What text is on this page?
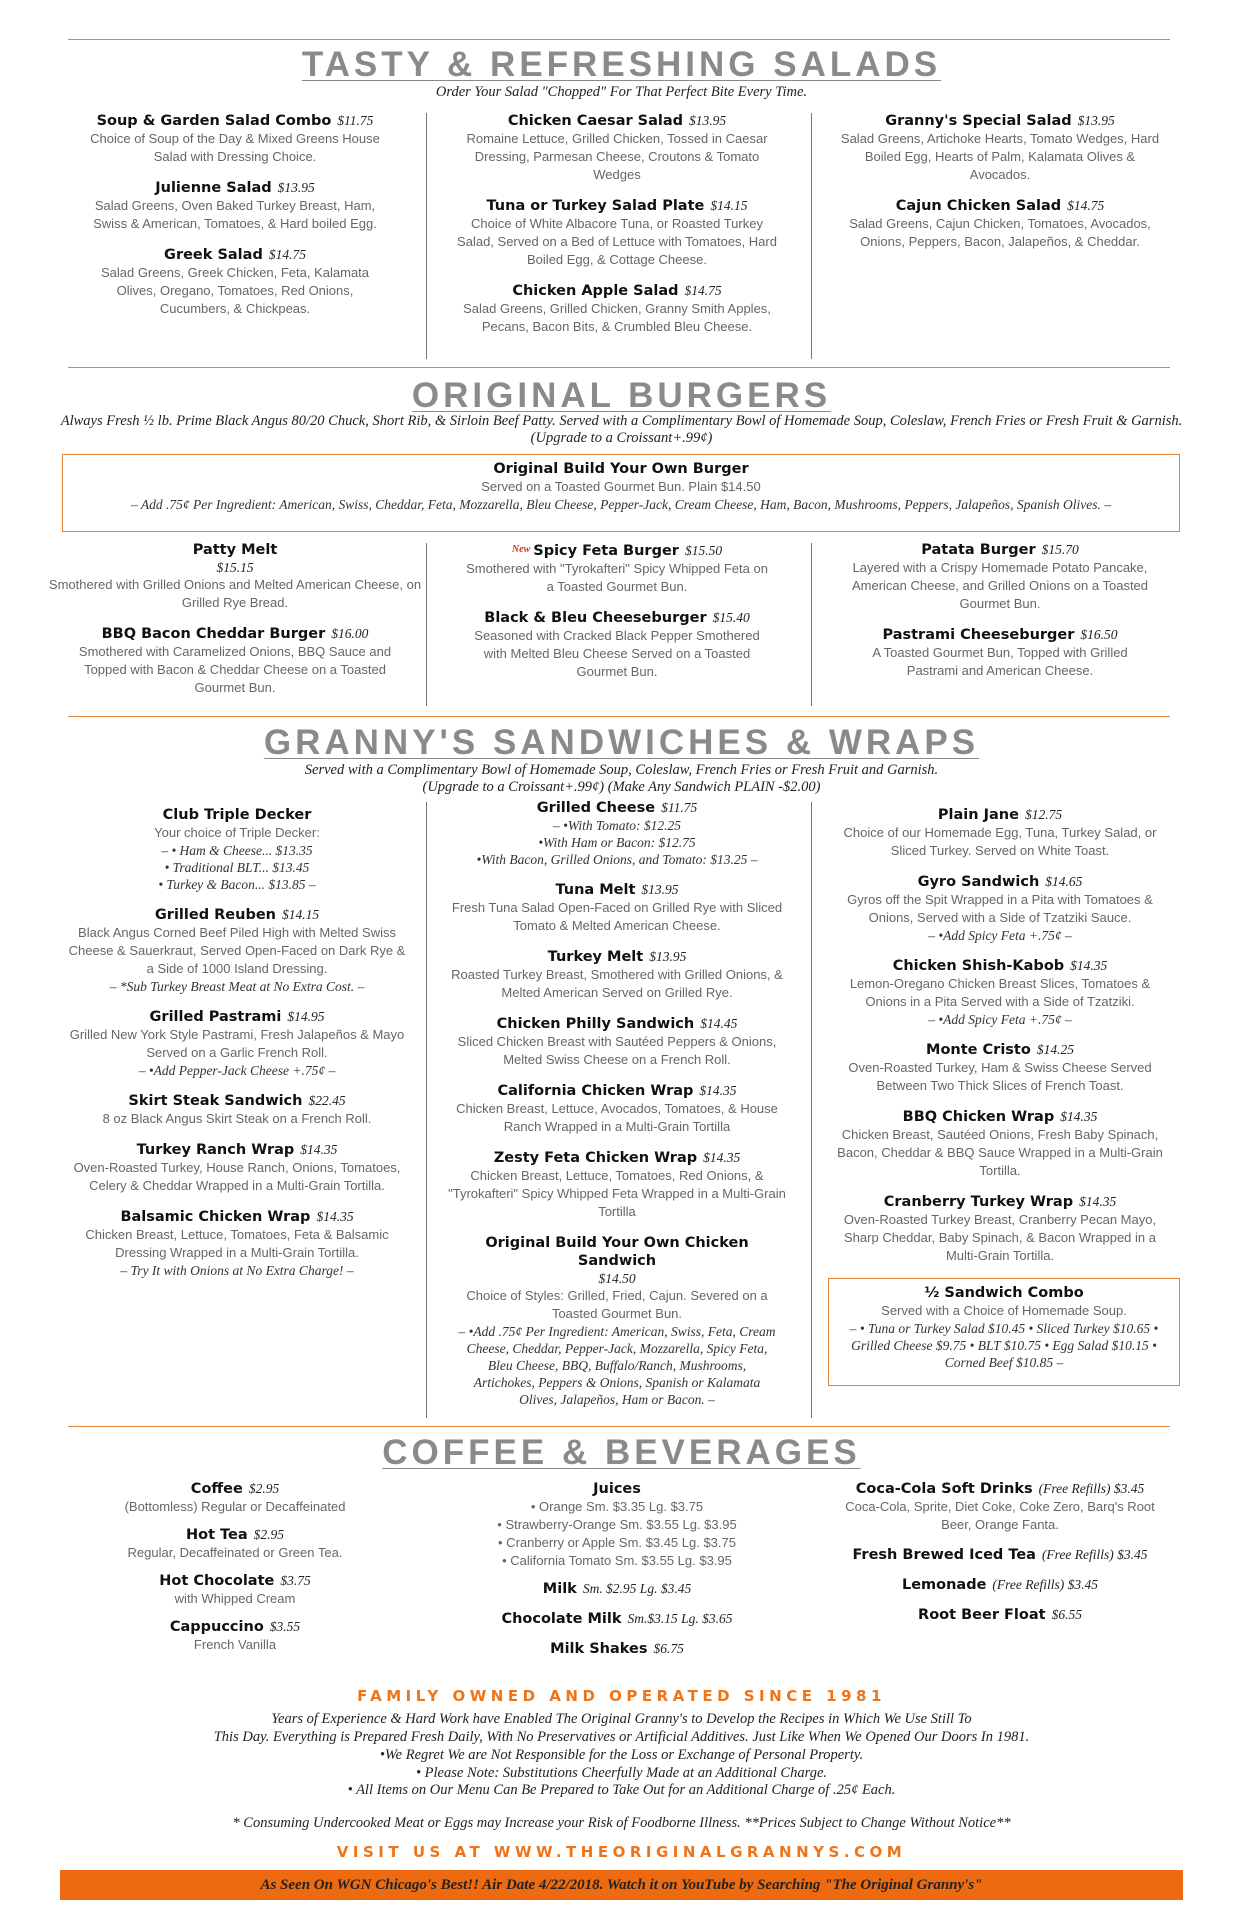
TASTY & REFRESHING SALADS
Order Your Salad "Chopped" For That Perfect Bite Every Time.
Soup & Garden Salad Combo $11.75
Choice of Soup of the Day & Mixed Greens House Salad with Dressing Choice.
Julienne Salad $13.95
Salad Greens, Oven Baked Turkey Breast, Ham, Swiss & American, Tomatoes, & Hard boiled Egg.
Greek Salad $14.75
Salad Greens, Greek Chicken, Feta, Kalamata Olives, Oregano, Tomatoes, Red Onions, Cucumbers, & Chickpeas.
Chicken Caesar Salad $13.95
Romaine Lettuce, Grilled Chicken, Tossed in Caesar Dressing, Parmesan Cheese, Croutons & Tomato Wedges
Tuna or Turkey Salad Plate $14.15
Choice of White Albacore Tuna, or Roasted Turkey Salad, Served on a Bed of Lettuce with Tomatoes, Hard Boiled Egg, & Cottage Cheese.
Chicken Apple Salad $14.75
Salad Greens, Grilled Chicken, Granny Smith Apples, Pecans, Bacon Bits, & Crumbled Bleu Cheese.
Granny's Special Salad $13.95
Salad Greens, Artichoke Hearts, Tomato Wedges, Hard Boiled Egg, Hearts of Palm, Kalamata Olives & Avocados.
Cajun Chicken Salad $14.75
Salad Greens, Cajun Chicken, Tomatoes, Avocados, Onions, Peppers, Bacon, Jalapeños, & Cheddar.
ORIGINAL BURGERS
Always Fresh ½ lb. Prime Black Angus 80/20 Chuck, Short Rib, & Sirloin Beef Patty. Served with a Complimentary Bowl of Homemade Soup, Coleslaw, French Fries or Fresh Fruit & Garnish. (Upgrade to a Croissant+.99¢)
Original Build Your Own Burger
Served on a Toasted Gourmet Bun. Plain $14.50
– Add .75¢ Per Ingredient: American, Swiss, Cheddar, Feta, Mozzarella, Bleu Cheese, Pepper-Jack, Cream Cheese, Ham, Bacon, Mushrooms, Peppers, Jalapeños, Spanish Olives. –
Patty Melt
$15.15
Smothered with Grilled Onions and Melted American Cheese, on Grilled Rye Bread.
BBQ Bacon Cheddar Burger $16.00
Smothered with Caramelized Onions, BBQ Sauce and Topped with Bacon & Cheddar Cheese on a Toasted Gourmet Bun.
$^{New}$ Spicy Feta Burger $15.50
Smothered with "Tyrokafteri" Spicy Whipped Feta on a Toasted Gourmet Bun.
Black & Bleu Cheeseburger $15.40
Seasoned with Cracked Black Pepper Smothered with Melted Bleu Cheese Served on a Toasted Gourmet Bun.
Patata Burger $15.70
Layered with a Crispy Homemade Potato Pancake, American Cheese, and Grilled Onions on a Toasted Gourmet Bun.
Pastrami Cheeseburger $16.50
A Toasted Gourmet Bun, Topped with Grilled Pastrami and American Cheese.
GRANNY'S SANDWICHES & WRAPS
Served with a Complimentary Bowl of Homemade Soup, Coleslaw, French Fries or Fresh Fruit and Garnish.
(Upgrade to a Croissant+.99¢) (Make Any Sandwich PLAIN -$2.00)
Club Triple Decker
Your choice of Triple Decker:
– • Ham & Cheese... $13.35
• Traditional BLT... $13.45
• Turkey & Bacon... $13.85 –
Grilled Reuben $14.15
Black Angus Corned Beef Piled High with Melted Swiss Cheese & Sauerkraut, Served Open-Faced on Dark Rye & a Side of 1000 Island Dressing.
– *Sub Turkey Breast Meat at No Extra Cost. –
Grilled Pastrami $14.95
Grilled New York Style Pastrami, Fresh Jalapeños & Mayo Served on a Garlic French Roll.
– •Add Pepper-Jack Cheese +.75¢ –
Skirt Steak Sandwich $22.45
8 oz Black Angus Skirt Steak on a French Roll.
Turkey Ranch Wrap $14.35
Oven-Roasted Turkey, House Ranch, Onions, Tomatoes, Celery & Cheddar Wrapped in a Multi-Grain Tortilla.
Balsamic Chicken Wrap $14.35
Chicken Breast, Lettuce, Tomatoes, Feta & Balsamic Dressing Wrapped in a Multi-Grain Tortilla.
– Try It with Onions at No Extra Charge! –
Grilled Cheese $11.75
– •With Tomato: $12.25
•With Ham or Bacon: $12.75
•With Bacon, Grilled Onions, and Tomato: $13.25 –
Tuna Melt $13.95
Fresh Tuna Salad Open-Faced on Grilled Rye with Sliced Tomato & Melted American Cheese.
Turkey Melt $13.95
Roasted Turkey Breast, Smothered with Grilled Onions, & Melted American Served on Grilled Rye.
Chicken Philly Sandwich $14.45
Sliced Chicken Breast with Sautéed Peppers & Onions, Melted Swiss Cheese on a French Roll.
California Chicken Wrap $14.35
Chicken Breast, Lettuce, Avocados, Tomatoes, & House Ranch Wrapped in a Multi-Grain Tortilla
Zesty Feta Chicken Wrap $14.35
Chicken Breast, Lettuce, Tomatoes, Red Onions, & "Tyrokafteri" Spicy Whipped Feta Wrapped in a Multi-Grain Tortilla
Original Build Your Own Chicken Sandwich
$14.50
Choice of Styles: Grilled, Fried, Cajun. Severed on a Toasted Gourmet Bun.
– •Add .75¢ Per Ingredient: American, Swiss, Feta, Cream Cheese, Cheddar, Pepper-Jack, Mozzarella, Spicy Feta, Bleu Cheese, BBQ, Buffalo/Ranch, Mushrooms, Artichokes, Peppers & Onions, Spanish or Kalamata Olives, Jalapeños, Ham or Bacon. –
Plain Jane $12.75
Choice of our Homemade Egg, Tuna, Turkey Salad, or Sliced Turkey. Served on White Toast.
Gyro Sandwich $14.65
Gyros off the Spit Wrapped in a Pita with Tomatoes & Onions, Served with a Side of Tzatziki Sauce.
– •Add Spicy Feta +.75¢ –
Chicken Shish-Kabob $14.35
Lemon-Oregano Chicken Breast Slices, Tomatoes & Onions in a Pita Served with a Side of Tzatziki.
– •Add Spicy Feta +.75¢ –
Monte Cristo $14.25
Oven-Roasted Turkey, Ham & Swiss Cheese Served Between Two Thick Slices of French Toast.
BBQ Chicken Wrap $14.35
Chicken Breast, Sautéed Onions, Fresh Baby Spinach, Bacon, Cheddar & BBQ Sauce Wrapped in a Multi-Grain Tortilla.
Cranberry Turkey Wrap $14.35
Oven-Roasted Turkey Breast, Cranberry Pecan Mayo, Sharp Cheddar, Baby Spinach, & Bacon Wrapped in a Multi-Grain Tortilla.
½ Sandwich Combo
Served with a Choice of Homemade Soup.
– • Tuna or Turkey Salad $10.45 • Sliced Turkey $10.65 • Grilled Cheese $9.75 • BLT $10.75 • Egg Salad $10.15 • Corned Beef $10.85 –
COFFEE & BEVERAGES
Coffee $2.95
(Bottomless) Regular or Decaffeinated
Hot Tea $2.95
Regular, Decaffeinated or Green Tea.
Hot Chocolate $3.75
with Whipped Cream
Cappuccino $3.55
French Vanilla
Juices
• Orange Sm. $3.35 Lg. $3.75
• Strawberry-Orange Sm. $3.55 Lg. $3.95
• Cranberry or Apple Sm. $3.45 Lg. $3.75
• California Tomato Sm. $3.55 Lg. $3.95
Milk Sm. $2.95 Lg. $3.45
Chocolate Milk Sm.$3.15 Lg. $3.65
Milk Shakes $6.75
Coca-Cola Soft Drinks (Free Refills) $3.45
Coca-Cola, Sprite, Diet Coke, Coke Zero, Barq's Root Beer, Orange Fanta.
Fresh Brewed Iced Tea (Free Refills) $3.45
Lemonade (Free Refills) $3.45
Root Beer Float $6.55
FAMILY OWNED AND OPERATED SINCE 1981
Years of Experience & Hard Work have Enabled The Original Granny's to Develop the Recipes in Which We Use Still To
This Day. Everything is Prepared Fresh Daily, With No Preservatives or Artificial Additives. Just Like When We Opened Our Doors In 1981.
•We Regret We are Not Responsible for the Loss or Exchange of Personal Property.
• Please Note: Substitutions Cheerfully Made at an Additional Charge.
• All Items on Our Menu Can Be Prepared to Take Out for an Additional Charge of .25¢ Each.
* Consuming Undercooked Meat or Eggs may Increase your Risk of Foodborne Illness. **Prices Subject to Change Without Notice**
VISIT US AT WWW.THEORIGINALGRANNYS.COM
As Seen On WGN Chicago's Best!! Air Date 4/22/2018. Watch it on YouTube by Searching "The Original Granny's"
